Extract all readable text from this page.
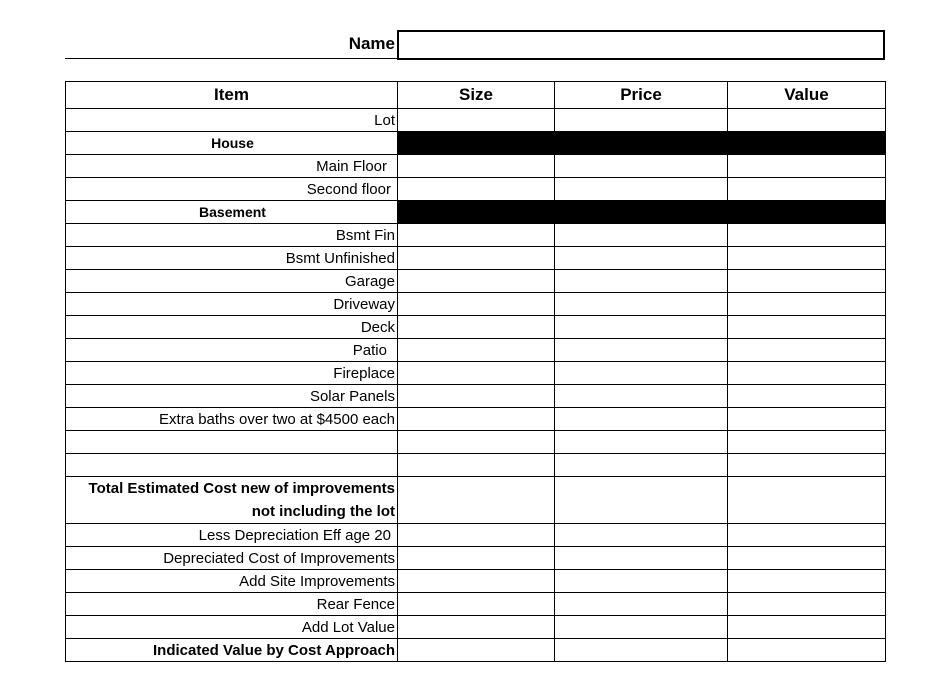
Name
Item	Size	Price	Value
Lot			
House			
Main Floor			
Second floor			
Basement			
Bsmt Fin			
Bsmt Unfinished			
Garage			
Driveway			
Deck			
Patio			
Fireplace			
Solar Panels			
Extra baths over two at $4500 each			

Total Estimated Cost new of improvements
not including the lot			
Less Depreciation Eff age 20			
Depreciated Cost of Improvements			
Add Site Improvements			
Rear Fence			
Add Lot Value			
Indicated Value by Cost Approach			
